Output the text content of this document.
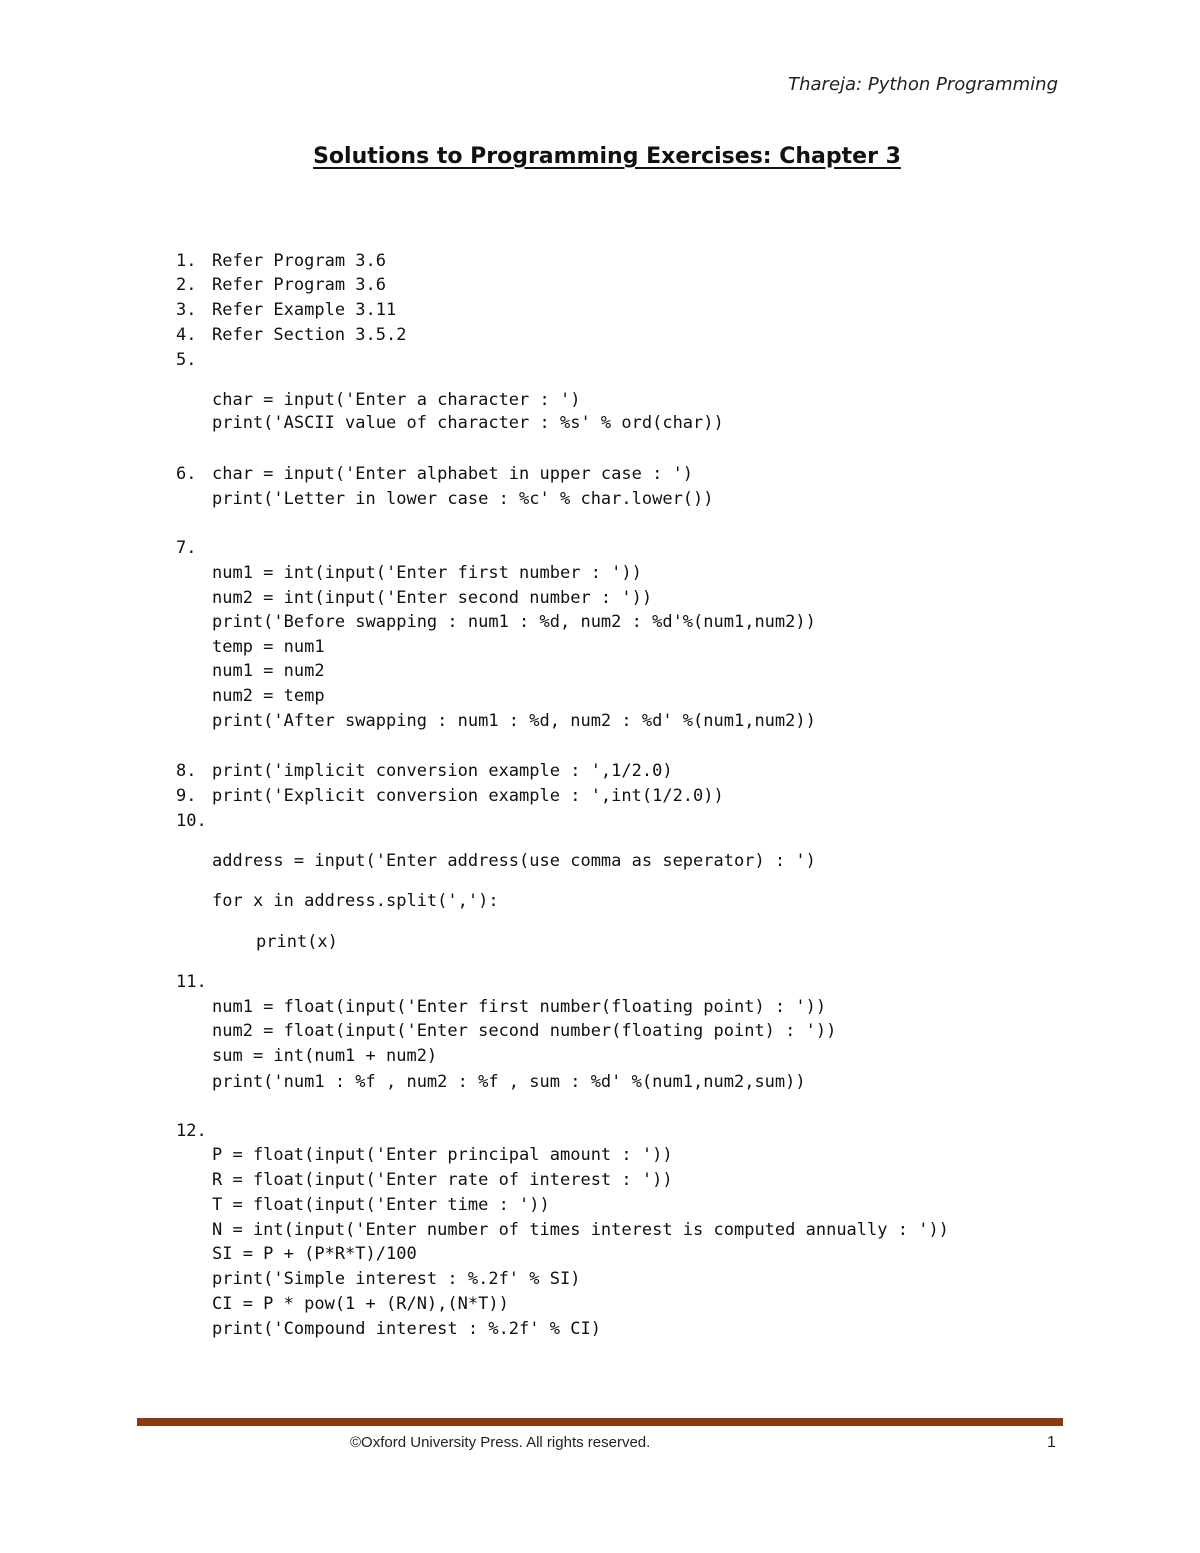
Thareja: Python Programming
Solutions to Programming Exercises: Chapter 3
1. Refer Program 3.6
2. Refer Program 3.6
3. Refer Example 3.11
4. Refer Section 3.5.2
5.
char = input('Enter a character : ')
print('ASCII value of character : %s' % ord(char))
6. char = input('Enter alphabet in upper case : ')
print('Letter in lower case : %c' % char.lower())
7.
num1 = int(input('Enter first number : '))
num2 = int(input('Enter second number : '))
print('Before swapping : num1 : %d, num2 : %d'%(num1,num2))
temp = num1
num1 = num2
num2 = temp
print('After swapping : num1 : %d, num2 : %d' %(num1,num2))
8. print('implicit conversion example : ',1/2.0)
9. print('Explicit conversion example : ',int(1/2.0))
10.
address = input('Enter address(use comma as seperator) : ')
for x in address.split(','):
print(x)
11.
num1 = float(input('Enter first number(floating point) : '))
num2 = float(input('Enter second number(floating point) : '))
sum = int(num1 + num2)
print('num1 : %f , num2 : %f , sum : %d' %(num1,num2,sum))
12.
P = float(input('Enter principal amount : '))
R = float(input('Enter rate of interest : '))
T = float(input('Enter time : '))
N = int(input('Enter number of times interest is computed annually : '))
SI = P + (P*R*T)/100
print('Simple interest : %.2f' % SI)
CI = P * pow(1 + (R/N),(N*T))
print('Compound interest : %.2f' % CI)
©Oxford University Press. All rights reserved.	1
